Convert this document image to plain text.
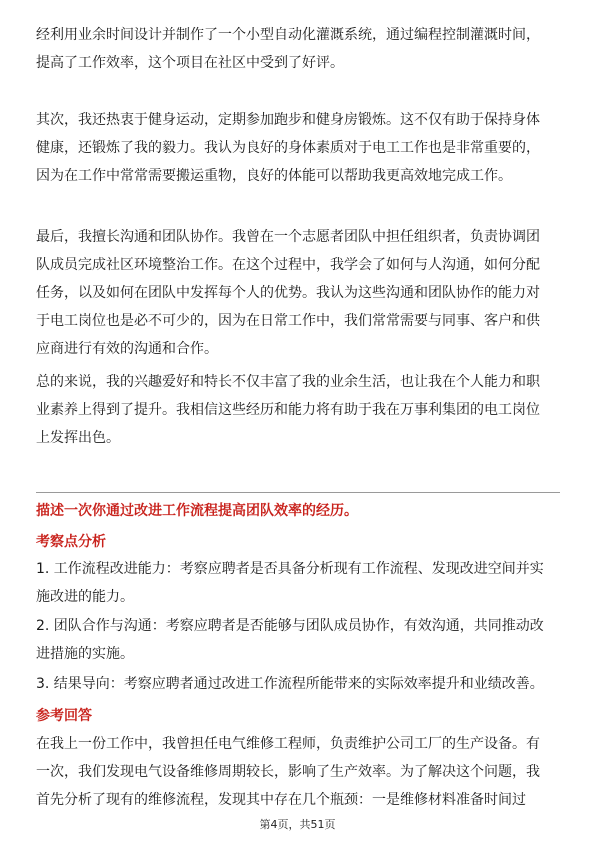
经利用业余时间设计并制作了一个小型自动化灌溉系统，通过编程控制灌溉时间，
提高了工作效率，这个项目在社区中受到了好评。

其次，我还热衷于健身运动，定期参加跑步和健身房锻炼。这不仅有助于保持身体
健康，还锻炼了我的毅力。我认为良好的身体素质对于电工工作也是非常重要的，
因为在工作中常常需要搬运重物，良好的体能可以帮助我更高效地完成工作。

最后，我擅长沟通和团队协作。我曾在一个志愿者团队中担任组织者，负责协调团
队成员完成社区环境整治工作。在这个过程中，我学会了如何与人沟通，如何分配
任务，以及如何在团队中发挥每个人的优势。我认为这些沟通和团队协作的能力对
于电工岗位也是必不可少的，因为在日常工作中，我们常常需要与同事、客户和供
应商进行有效的沟通和合作。

总的来说，我的兴趣爱好和特长不仅丰富了我的业余生活，也让我在个人能力和职
业素养上得到了提升。我相信这些经历和能力将有助于我在万事利集团的电工岗位
上发挥出色。

描述一次你通过改进工作流程提高团队效率的经历。

考察点分析

1. 工作流程改进能力：考察应聘者是否具备分析现有工作流程、发现改进空间并实
施改进的能力。

2. 团队合作与沟通：考察应聘者是否能够与团队成员协作，有效沟通，共同推动改
进措施的实施。

3. 结果导向：考察应聘者通过改进工作流程所能带来的实际效率提升和业绩改善。

参考回答

在我上一份工作中，我曾担任电气维修工程师，负责维护公司工厂的生产设备。有
一次，我们发现电气设备维修周期较长，影响了生产效率。为了解决这个问题，我
首先分析了现有的维修流程，发现其中存在几个瓶颈：一是维修材料准备时间过

第4页，共51页
